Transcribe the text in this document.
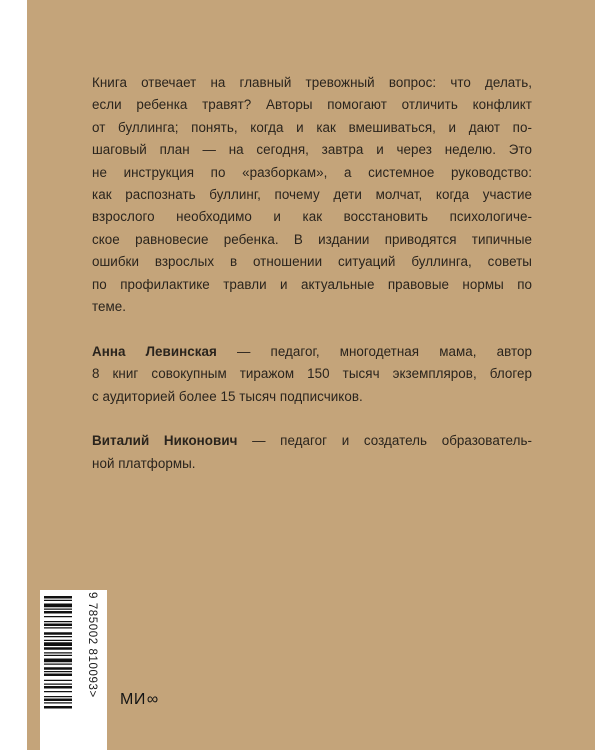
Книга отвечает на главный тревожный вопрос: что делать,
если ребенка травят? Авторы помогают отличить конфликт
от буллинга; понять, когда и как вмешиваться, и дают по-
шаговый план — на сегодня, завтра и через неделю. Это
не инструкция по «разборкам», а системное руководство:
как распознать буллинг, почему дети молчат, когда участие
взрослого необходимо и как восстановить психологиче-
ское равновесие ребенка. В издании приводятся типичные
ошибки взрослых в отношении ситуаций буллинга, советы
по профилактике травли и актуальные правовые нормы по
теме.

Анна Левинская — педагог, многодетная мама, автор
8 книг совокупным тиражом 150 тысяч экземпляров, блогер
с аудиторией более 15 тысяч подписчиков.

Виталий Никонович — педагог и создатель образователь-
ной платформы.

9 785002 810093> МИ ∞
